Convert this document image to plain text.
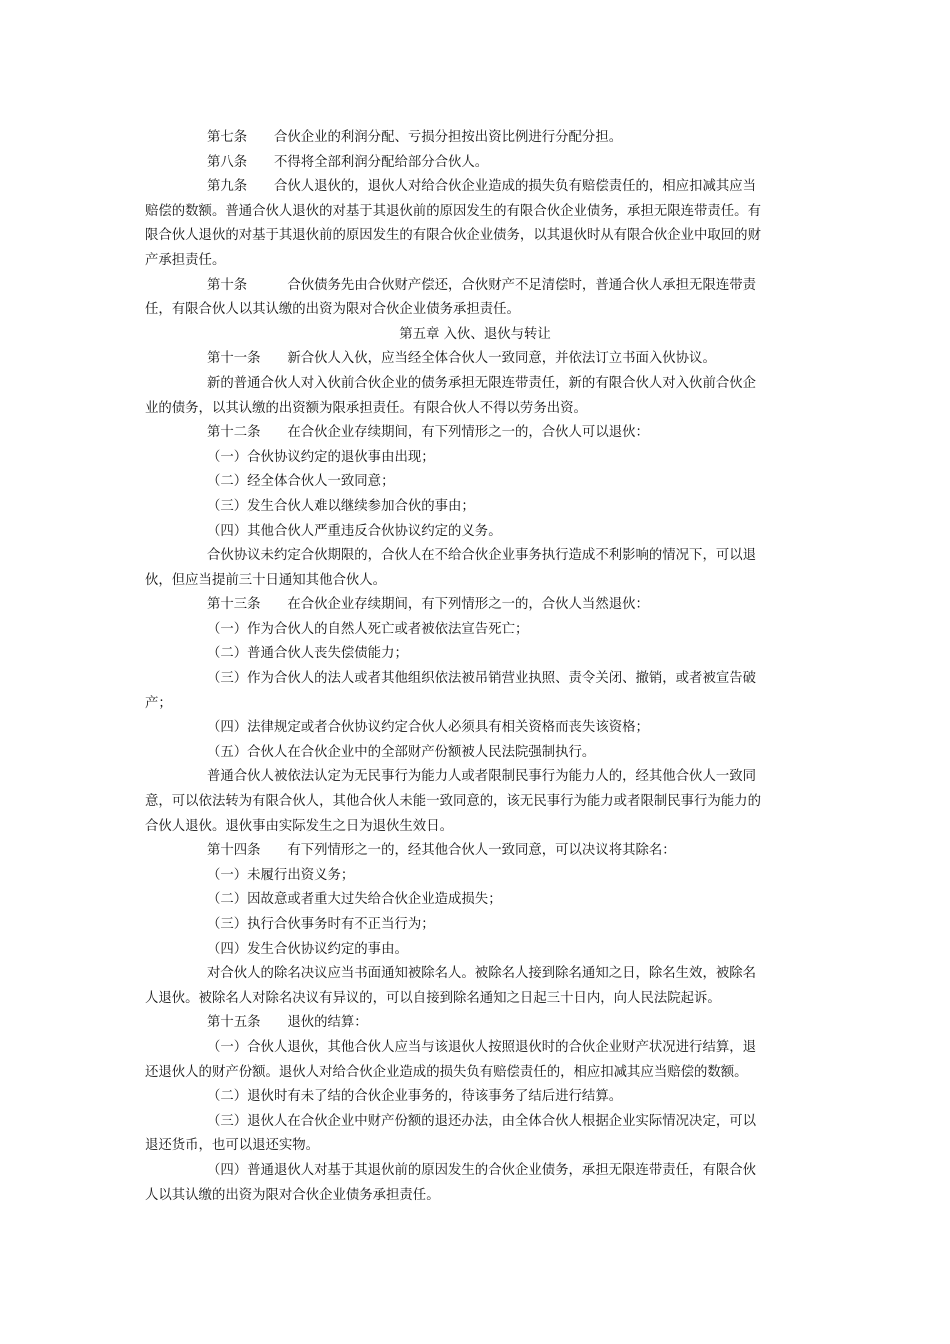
第七条　　合伙企业的利润分配、亏损分担按出资比例进行分配分担。
第八条　　不得将全部利润分配给部分合伙人。
第九条　　合伙人退伙的，退伙人对给合伙企业造成的损失负有赔偿责任的，相应扣减其应当
赔偿的数额。普通合伙人退伙的对基于其退伙前的原因发生的有限合伙企业债务，承担无限连带责任。有
限合伙人退伙的对基于其退伙前的原因发生的有限合伙企业债务，以其退伙时从有限合伙企业中取回的财
产承担责任。
第十条　　　合伙债务先由合伙财产偿还，合伙财产不足清偿时，普通合伙人承担无限连带责
任，有限合伙人以其认缴的出资为限对合伙企业债务承担责任。
第五章 入伙、退伙与转让
第十一条　　新合伙人入伙，应当经全体合伙人一致同意，并依法订立书面入伙协议。
新的普通合伙人对入伙前合伙企业的债务承担无限连带责任，新的有限合伙人对入伙前合伙企
业的债务，以其认缴的出资额为限承担责任。有限合伙人不得以劳务出资。
第十二条　　在合伙企业存续期间，有下列情形之一的，合伙人可以退伙：
（一）合伙协议约定的退伙事由出现；
（二）经全体合伙人一致同意；
（三）发生合伙人难以继续参加合伙的事由；
（四）其他合伙人严重违反合伙协议约定的义务。
合伙协议未约定合伙期限的，合伙人在不给合伙企业事务执行造成不利影响的情况下，可以退
伙，但应当提前三十日通知其他合伙人。
第十三条　　在合伙企业存续期间，有下列情形之一的，合伙人当然退伙：
（一）作为合伙人的自然人死亡或者被依法宣告死亡；
（二）普通合伙人丧失偿债能力；
（三）作为合伙人的法人或者其他组织依法被吊销营业执照、责令关闭、撤销，或者被宣告破
产；
（四）法律规定或者合伙协议约定合伙人必须具有相关资格而丧失该资格；
（五）合伙人在合伙企业中的全部财产份额被人民法院强制执行。
普通合伙人被依法认定为无民事行为能力人或者限制民事行为能力人的，经其他合伙人一致同
意，可以依法转为有限合伙人，其他合伙人未能一致同意的，该无民事行为能力或者限制民事行为能力的
合伙人退伙。退伙事由实际发生之日为退伙生效日。
第十四条　　有下列情形之一的，经其他合伙人一致同意，可以决议将其除名：
（一）未履行出资义务；
（二）因故意或者重大过失给合伙企业造成损失；
（三）执行合伙事务时有不正当行为；
（四）发生合伙协议约定的事由。
对合伙人的除名决议应当书面通知被除名人。被除名人接到除名通知之日，除名生效，被除名
人退伙。被除名人对除名决议有异议的，可以自接到除名通知之日起三十日内，向人民法院起诉。
第十五条　　退伙的结算：
（一）合伙人退伙，其他合伙人应当与该退伙人按照退伙时的合伙企业财产状况进行结算，退
还退伙人的财产份额。退伙人对给合伙企业造成的损失负有赔偿责任的，相应扣减其应当赔偿的数额。
（二）退伙时有未了结的合伙企业事务的，待该事务了结后进行结算。
（三）退伙人在合伙企业中财产份额的退还办法，由全体合伙人根据企业实际情况决定，可以
退还货币，也可以退还实物。
（四）普通退伙人对基于其退伙前的原因发生的合伙企业债务，承担无限连带责任，有限合伙
人以其认缴的出资为限对合伙企业债务承担责任。
